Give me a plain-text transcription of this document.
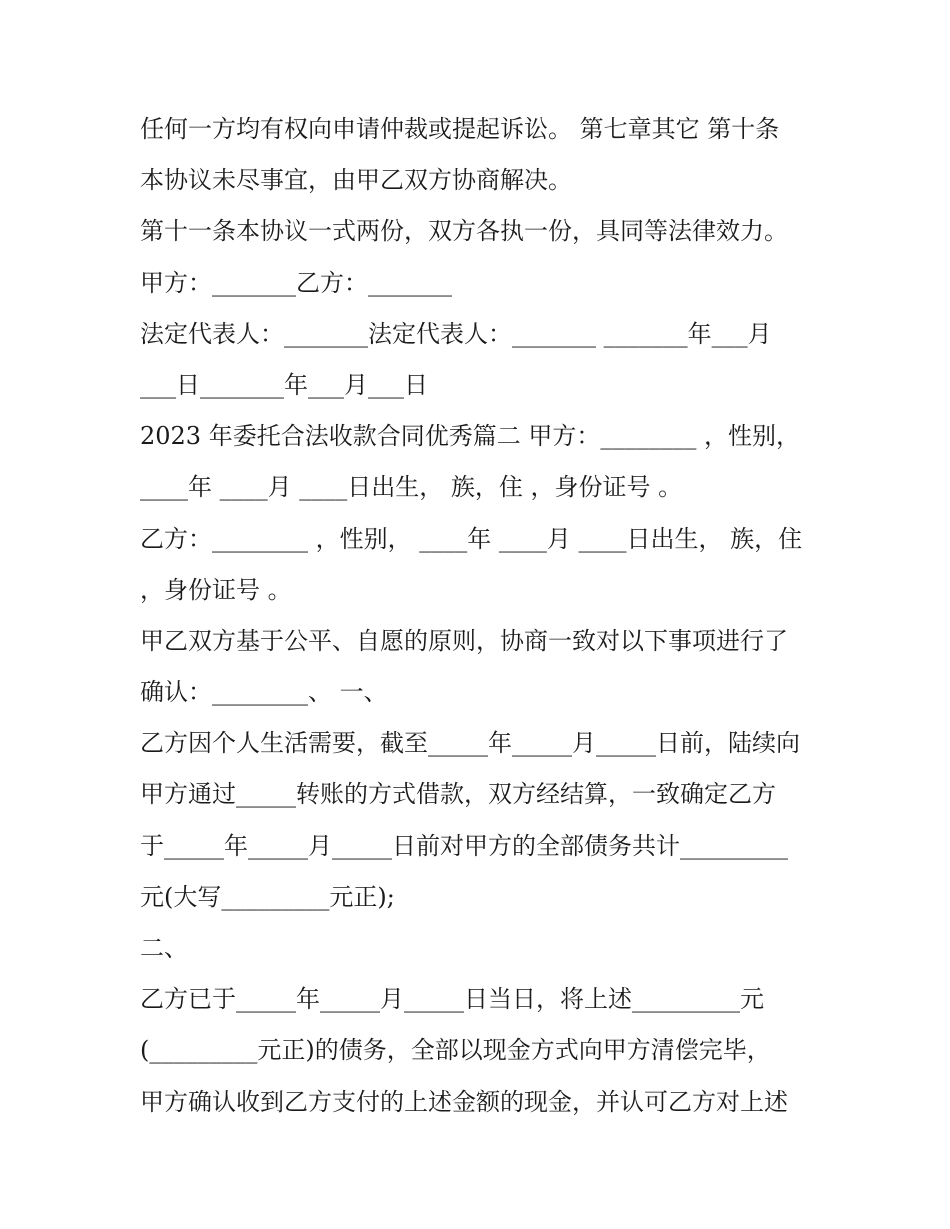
任何一方均有权向申请仲裁或提起诉讼。 第七章其它 第十条

本协议未尽事宜，由甲乙双方协商解决。

第十一条本协议一式两份，双方各执一份，具同等法律效力。

甲方：_______乙方：_______

法定代表人：_______法定代表人：_______ _______年___月

___日_______年___月___日

2023 年委托合法收款合同优秀篇二 甲方：________ ，性别，

____年 ____月 ____日出生， 族，住 ，身份证号 。

乙方：________ ，性别， ____年 ____月 ____日出生， 族，住

，身份证号 。

甲乙双方基于公平、自愿的原则，协商一致对以下事项进行了

确认：________、 一、

乙方因个人生活需要，截至_____年_____月_____日前，陆续向

甲方通过_____转账的方式借款，双方经结算，一致确定乙方

于_____年_____月_____日前对甲方的全部债务共计_________

元(大写_________元正);

二、

乙方已于_____年_____月_____日当日，将上述_________元

(_________元正)的债务，全部以现金方式向甲方清偿完毕，

甲方确认收到乙方支付的上述金额的现金，并认可乙方对上述
